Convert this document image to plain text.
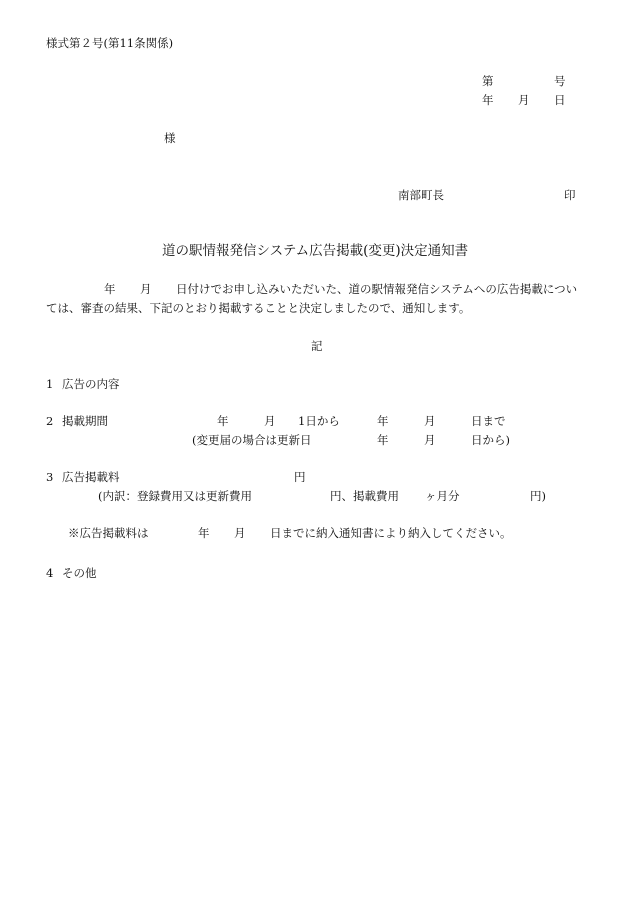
様式第２号(第11条関係)
第	号
年 月 日
様
南部町長	印
道の駅情報発信システム広告掲載(変更)決定通知書
年 月 日付けでお申し込みいただいた、道の駅情報発信システムへの広告掲載につい
ては、審査の結果、下記のとおり掲載することと決定しましたので、通知します。
記
1 広告の内容
2 掲載期間	年	月 1日から	年	月	日まで
(変更届の場合は更新日	年	月	日から)
3 広告掲載料	円
(内訳：登録費用又は更新費用	円、掲載費用 ヶ月分	円)
※広告掲載料は	年 月 日までに納入通知書により納入してください。
4 その他
